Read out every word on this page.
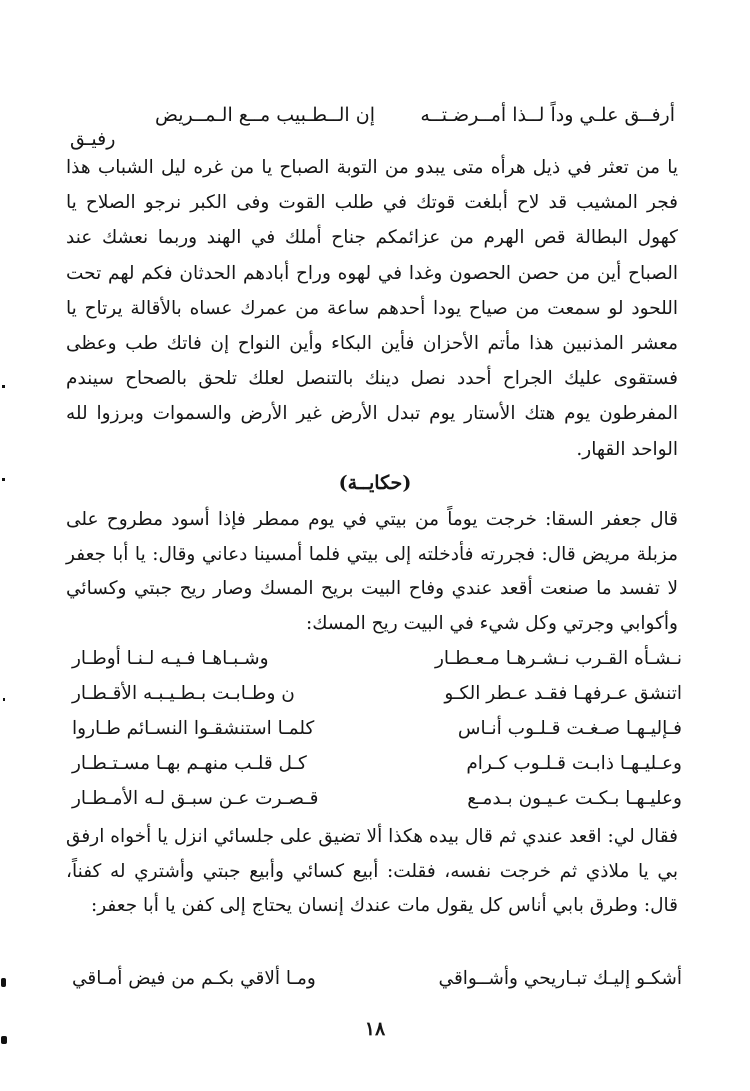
أرفــق علـي وداً لــذا أمــرضـتــه
إن الــطـبيب مــع الـمــريض
رفيـق
يا من تعثر في ذيل هرأه متى يبدو من التوبة الصباح يا من غره ليل الشباب هذا فجر المشيب قد لاح أبلغت قوتك في طلب القوت وفى الكبر نرجو الصلاح يا كهول البطالة قص الهرم من عزائمكم جناح أملك في الهند وربما نعشك عند الصباح أين من حصن الحصون وغدا في لهوه وراح أبادهم الحدثان فكم لهم تحت اللحود لو سمعت من صياح يودا أحدهم ساعة من عمرك عساه بالأقالة يرتاح يا معشر المذنبين هذا مأتم الأحزان فأين البكاء وأين النواح إن فاتك طب وعظى فستقوى عليك الجراح أحدد نصل دينك بالتنصل لعلك تلحق بالصحاح سيندم المفرطون يوم هتك الأستار يوم تبدل الأرض غير الأرض والسموات وبرزوا لله الواحد القهار.
(حكايــة)
قال جعفر السقا: خرجت يوماً من بيتي في يوم ممطر فإذا أسود مطروح على مزبلة مريض قال: فجررته فأدخلته إلى بيتي فلما أمسينا دعاني وقال: يا أبا جعفر لا تفسد ما صنعت أقعد عندي وفاح البيت بريح المسك وصار ريح جبتي وكسائي وأكوابي وجرتي وكل شيء في البيت ريح المسك:
نـشـأه القـرب نـشـرهـا مـعـطـار
وشـبـاهـا فـيـه لـنـا أوطـار
اتنشق عـرفهـا فقـد عـطر الكـو
ن وطـابـت بـطـيـبـه الأقـطـار
فـإليـهـا صـغـت قـلـوب أنـاس
كلمـا استنشقـوا النسـائم طـاروا
وعـليـهـا ذابـت قـلـوب كـرام
كـل قلـب منهـم بهـا مسـتـطـار
وعليـهـا بـكـت عـيـون بـدمـع
قـصـرت عـن سبـق لـه الأمـطـار
فقال لي: اقعد عندي ثم قال بيده هكذا ألا تضيق على جلسائي انزل يا أخواه ارفق بي يا ملاذي ثم خرجت نفسه، فقلت: أبيع كسائي وأبيع جبتي وأشتري له كفناً، قال: وطرق بابي أناس كل يقول مات عندك إنسان يحتاج إلى كفن يا أبا جعفر:
أشكـو إليـك تبـاريحي وأشــواقي
ومـا ألاقي بكـم من فيض أمـاقي
١٨
